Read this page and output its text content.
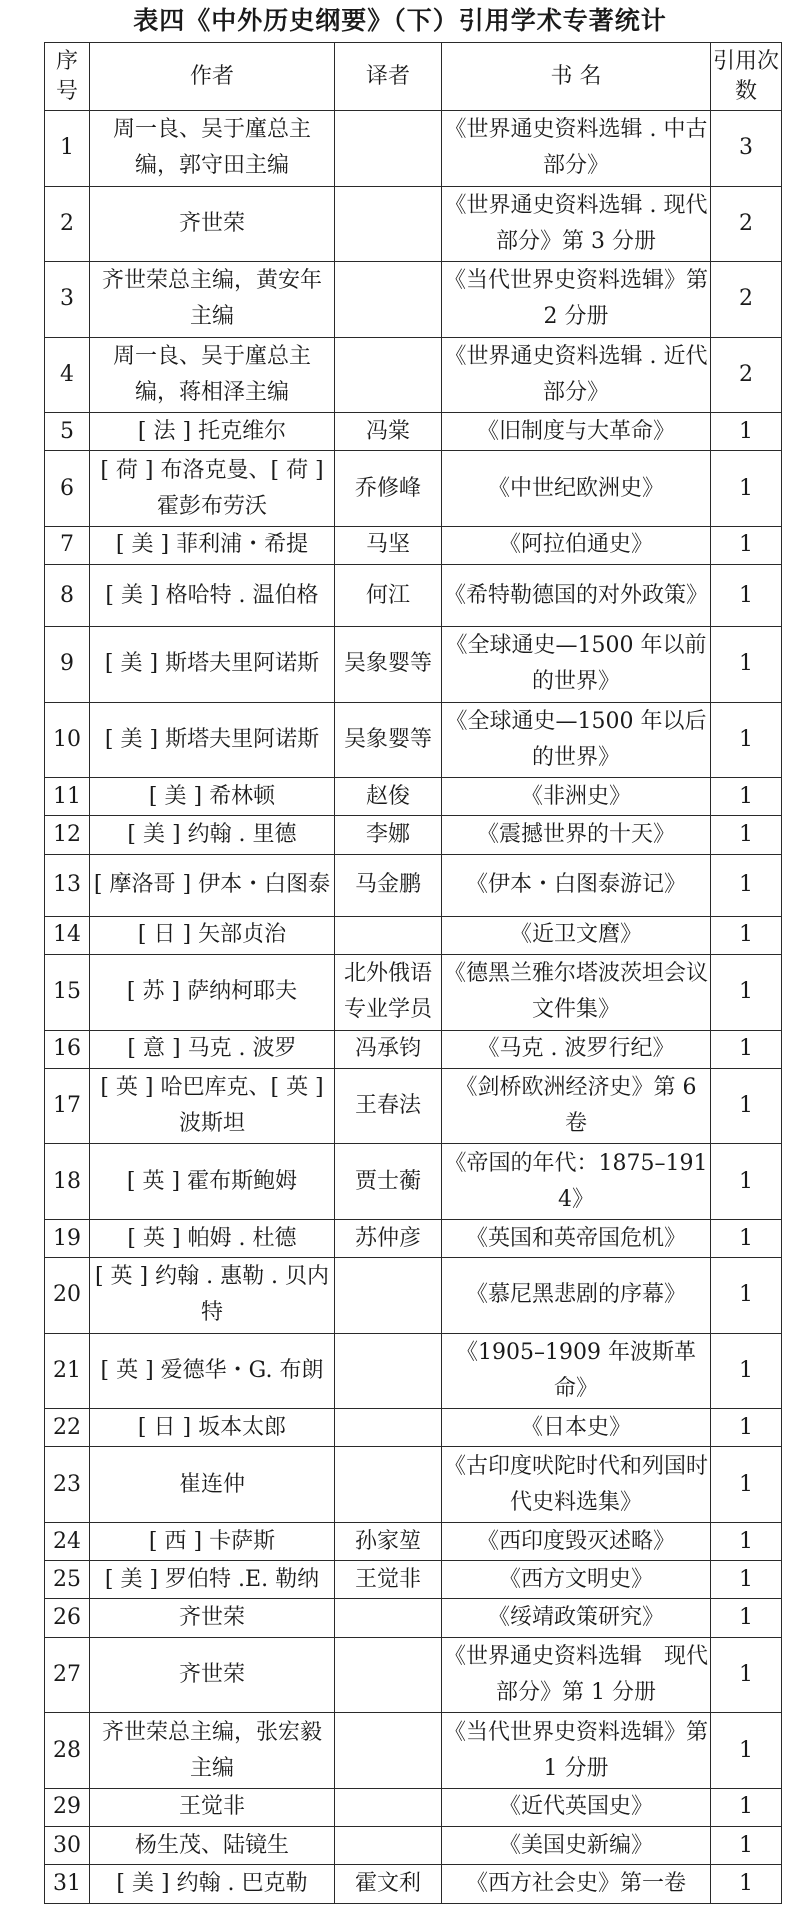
表四《中外历史纲要》（下）引用学术专著统计
序号	作者	译者	书 名	引用次数
1	周一良、吴于廑总主编，郭守田主编		《世界通史资料选辑 . 中古部分》	3
2	齐世荣		《世界通史资料选辑 . 现代部分》第 3 分册	2
3	齐世荣总主编，黄安年主编		《当代世界史资料选辑》第 2 分册	2
4	周一良、吴于廑总主编，蒋相泽主编		《世界通史资料选辑 . 近代部分》	2
5	[ 法 ] 托克维尔	冯棠	《旧制度与大革命》	1
6	[ 荷 ] 布洛克曼、[ 荷 ] 霍彭布劳沃	乔修峰	《中世纪欧洲史》	1
7	[ 美 ] 菲利浦・希提	马坚	《阿拉伯通史》	1
8	[ 美 ] 格哈特 . 温伯格	何江	《希特勒德国的对外政策》	1
9	[ 美 ] 斯塔夫里阿诺斯	吴象婴等	《全球通史—1500 年以前的世界》	1
10	[ 美 ] 斯塔夫里阿诺斯	吴象婴等	《全球通史—1500 年以后的世界》	1
11	[ 美 ] 希林顿	赵俊	《非洲史》	1
12	[ 美 ] 约翰 . 里德	李娜	《震撼世界的十天》	1
13	[ 摩洛哥 ] 伊本・白图泰	马金鹏	《伊本・白图泰游记》	1
14	[ 日 ] 矢部贞治		《近卫文麿》	1
15	[ 苏 ] 萨纳柯耶夫	北外俄语专业学员	《德黑兰雅尔塔波茨坦会议文件集》	1
16	[ 意 ] 马克 . 波罗	冯承钧	《马克 . 波罗行纪》	1
17	[ 英 ] 哈巴库克、[ 英 ] 波斯坦	王春法	《剑桥欧洲经济史》第 6 卷	1
18	[ 英 ] 霍布斯鲍姆	贾士蘅	《帝国的年代：1875–1914》	1
19	[ 英 ] 帕姆 . 杜德	苏仲彦	《英国和英帝国危机》	1
20	[ 英 ] 约翰 . 惠勒 . 贝内特		《慕尼黑悲剧的序幕》	1
21	[ 英 ] 爱德华・G. 布朗		《1905–1909 年波斯革命》	1
22	[ 日 ] 坂本太郎		《日本史》	1
23	崔连仲		《古印度吠陀时代和列国时代史料选集》	1
24	[ 西 ] 卡萨斯	孙家堃	《西印度毁灭述略》	1
25	[ 美 ] 罗伯特 .E. 勒纳	王觉非	《西方文明史》	1
26	齐世荣		《绥靖政策研究》	1
27	齐世荣		《世界通史资料选辑　现代部分》第 1 分册	1
28	齐世荣总主编，张宏毅主编		《当代世界史资料选辑》第 1 分册	1
29	王觉非		《近代英国史》	1
30	杨生茂、陆镜生		《美国史新编》	1
31	[ 美 ] 约翰 . 巴克勒	霍文利	《西方社会史》第一卷	1
